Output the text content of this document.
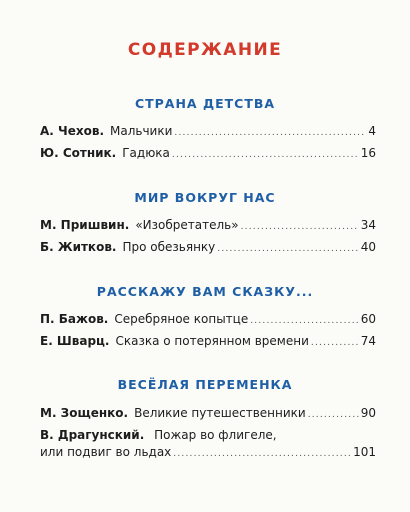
СОДЕРЖАНИЕ
СТРАНА ДЕТСТВА
А. Чехов. Мальчики .....	4
Ю. Сотник. Гадюка .....	16
МИР ВОКРУГ НАС
М. Пришвин. «Изобретатель» .....	34
Б. Житков. Про обезьянку .....	40
РАССКАЖУ ВАМ СКАЗКУ...
П. Бажов. Серебряное копытце .....	60
Е. Шварц. Сказка о потерянном времени .....	74
ВЕСЁЛАЯ ПЕРЕМЕНКА
М. Зощенко. Великие путешественники .....	90
В. Драгунский. Пожар во флигеле,
или подвиг во льдах .....	101
